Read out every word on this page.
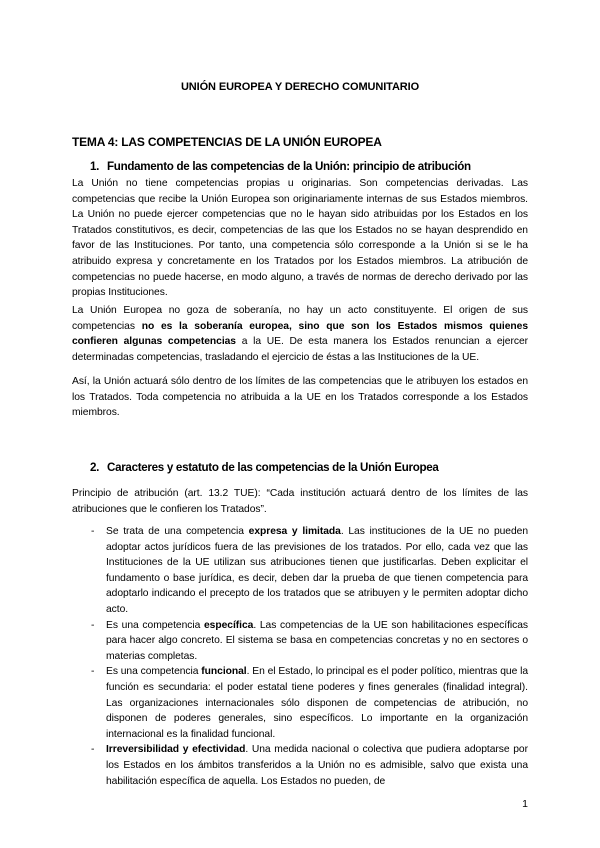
UNIÓN EUROPEA Y DERECHO COMUNITARIO
TEMA 4: LAS COMPETENCIAS DE LA UNIÓN EUROPEA
1. Fundamento de las competencias de la Unión: principio de atribución

La Unión no tiene competencias propias u originarias. Son competencias derivadas. Las competencias que recibe la Unión Europea son originariamente internas de sus Estados miembros. La Unión no puede ejercer competencias que no le hayan sido atribuidas por los Estados en los Tratados constitutivos, es decir, competencias de las que los Estados no se hayan desprendido en favor de las Instituciones. Por tanto, una competencia sólo corresponde a la Unión si se le ha atribuido expresa y concretamente en los Tratados por los Estados miembros. La atribución de competencias no puede hacerse, en modo alguno, a través de normas de derecho derivado por las propias Instituciones.

La Unión Europea no goza de soberanía, no hay un acto constituyente. El origen de sus competencias no es la soberanía europea, sino que son los Estados mismos quienes confieren algunas competencias a la UE. De esta manera los Estados renuncian a ejercer determinadas competencias, trasladando el ejercicio de éstas a las Instituciones de la UE.

Así, la Unión actuará sólo dentro de los límites de las competencias que le atribuyen los estados en los Tratados. Toda competencia no atribuida a la UE en los Tratados corresponde a los Estados miembros.

2. Caracteres y estatuto de las competencias de la Unión Europea

Principio de atribución (art. 13.2 TUE): “Cada institución actuará dentro de los límites de las atribuciones que le confieren los Tratados”.

- Se trata de una competencia expresa y limitada. Las instituciones de la UE no pueden adoptar actos jurídicos fuera de las previsiones de los tratados. Por ello, cada vez que las Instituciones de la UE utilizan sus atribuciones tienen que justificarlas. Deben explicitar el fundamento o base jurídica, es decir, deben dar la prueba de que tienen competencia para adoptarlo indicando el precepto de los tratados que se atribuyen y le permiten adoptar dicho acto.
- Es una competencia específica. Las competencias de la UE son habilitaciones específicas para hacer algo concreto. El sistema se basa en competencias concretas y no en sectores o materias completas.
- Es una competencia funcional. En el Estado, lo principal es el poder político, mientras que la función es secundaria: el poder estatal tiene poderes y fines generales (finalidad integral). Las organizaciones internacionales sólo disponen de competencias de atribución, no disponen de poderes generales, sino específicos. Lo importante en la organización internacional es la finalidad funcional.
- Irreversibilidad y efectividad. Una medida nacional o colectiva que pudiera adoptarse por los Estados en los ámbitos transferidos a la Unión no es admisible, salvo que exista una habilitación específica de aquella. Los Estados no pueden, de
1
